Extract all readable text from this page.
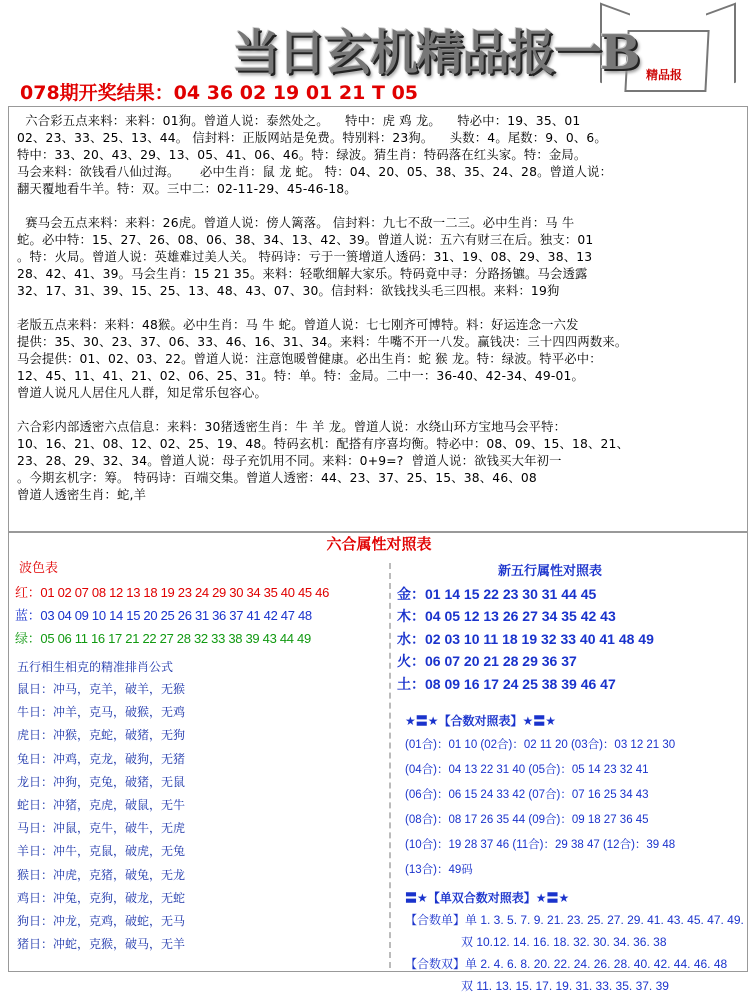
精品报
当日玄机精品报一B
078期开奖结果：04 36 02 19 01 21 T 05
六合彩五点来料：来料：01狗。曾道人说：泰然处之。    特中：虎 鸡 龙。    特必中：19、35、01
02、23、33、25、13、44。 信封料：正版网站是免费。特别料：23狗。    头数：4。尾数：9、0、6。
特中：33、20、43、29、13、05、41、06、46。特：绿波。猜生肖：特码落在红头家。特：金局。
马会来料：欲钱看八仙过海。     必中生肖：鼠 龙 蛇。 特：04、20、05、38、35、24、28。曾道人说：
翻天覆地看牛羊。特：双。三中二：02-11-29、45-46-18。
赛马会五点来料：来料：26虎。曾道人说：傍人篱落。 信封料：九七不敌一二三。必中生肖：马 牛
蛇。必中特：15、27、26、08、06、38、34、13、42、39。曾道人说：五六有财三在后。独支：01
。特：火局。曾道人说：英雄难过美人关。 特码诗：亏于一篑增道人透码：31、19、08、29、38、13
28、42、41、39。马会生肖：15 21 35。来料：轻歌细解大家乐。特码竟中寻：分路扬镳。马会透露
32、17、31、39、15、25、13、48、43、07、30。信封料：欲钱找头毛三四根。来料：19狗
老版五点来料：来料：48猴。必中生肖：马 牛 蛇。曾道人说：七七刚齐可博特。料：好运连念一六发
提供：35、30、23、37、06、33、46、16、31、34。来料：牛嘴不开一八发。赢钱决：三十四四两数来。
马会提供：01、02、03、22。曾道人说：注意饱暖曾健康。必出生肖：蛇 猴 龙。特：绿波。特平必中：
12、45、11、41、21、02、06、25、31。特：单。特：金局。二中一：36-40、42-34、49-01。
曾道人说凡人居住凡人群，知足常乐包容心。
六合彩内部透密六点信息：来料：30猪透密生肖：牛 羊 龙。曾道人说：水绕山环方宝地马会平特：
10、16、21、08、12、02、25、19、48。特码玄机：配搭有序喜均衡。特必中：08、09、15、18、21、
23、28、29、32、34。曾道人说：母子充饥用不同。来料：0+9=?  曾道人说：欲钱买大年初一
。今期玄机字：筹。 特码诗：百端交集。曾道人透密：44、23、37、25、15、38、46、08
曾道人透密生肖：蛇,羊
六合属性对照表
波色表
红：01 02 07 08 12 13 18 19 23 24 29 30 34 35 40 45 46
蓝：03 04 09 10 14 15 20 25 26 31 36 37 41 42 47 48
绿：05 06 11 16 17 21 22 27 28 32 33 38 39 43 44 49
五行相生相克的精准排肖公式
鼠日：冲马，克羊，破羊，无猴
牛日：冲羊，克马，破猴，无鸡
虎日：冲猴，克蛇，破猪，无狗
兔日：冲鸡，克龙，破狗，无猪
龙日：冲狗，克兔，破猪，无鼠
蛇日：冲猪，克虎，破鼠，无牛
马日：冲鼠，克牛，破牛，无虎
羊日：冲牛，克鼠，破虎，无兔
猴日：冲虎，克猪，破兔，无龙
鸡日：冲兔，克狗，破龙，无蛇
狗日：冲龙，克鸡，破蛇，无马
猪日：冲蛇，克猴，破马，无羊
新五行属性对照表
金：01 14 15 22 23 30 31 44 45
木：04 05 12 13 26 27 34 35 42 43
水：02 03 10 11 18 19 32 33 40 41 48 49
火：06 07 20 21 28 29 36 37
土：08 09 16 17 24 25 38 39 46 47
★〓★【合数对照表】★〓★
(01合)：01 10 (02合)：02 11 20 (03合)：03 12 21 30
(04合)：04 13 22 31 40 (05合)：05 14 23 32 41
(06合)：06 15 24 33 42 (07合)：07 16 25 34 43
(08合)：08 17 26 35 44 (09合)：09 18 27 36 45
(10合)：19 28 37 46 (11合)：29 38 47 (12合)：39 48
(13合)：49码
〓★【单双合数对照表】★〓★
【合数单】单 1. 3. 5. 7. 9. 21. 23. 25. 27. 29. 41. 43. 45. 47. 49.
双 10.12. 14. 16. 18. 32. 30. 34. 36. 38
【合数双】单 2. 4. 6. 8. 20. 22. 24. 26. 28. 40. 42. 44. 46. 48
双 11. 13. 15. 17. 19. 31. 33. 35. 37. 39
